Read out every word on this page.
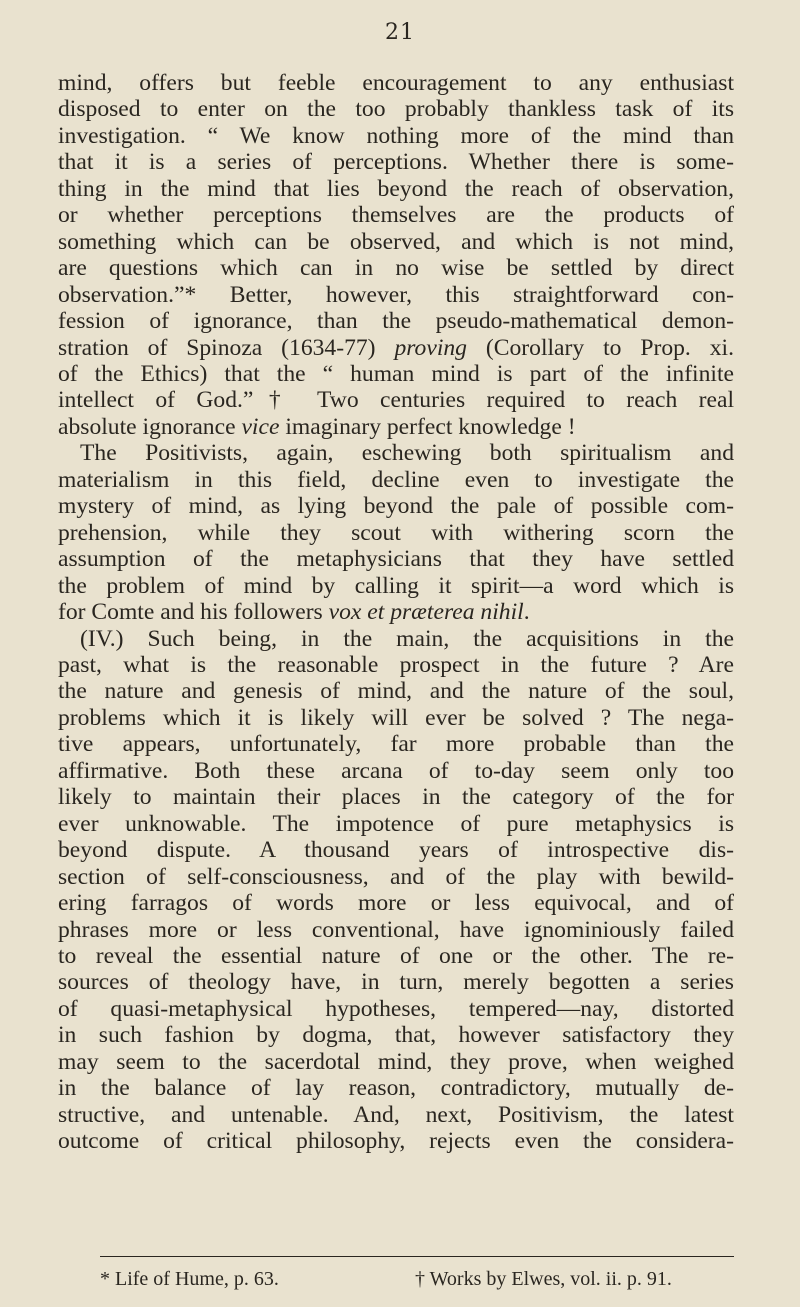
21
mind, offers but feeble encouragement to any enthusiast
disposed to enter on the too probably thankless task of its
investigation. “ We know nothing more of the mind than
that it is a series of perceptions. Whether there is some-
thing in the mind that lies beyond the reach of observation,
or whether perceptions themselves are the products of
something which can be observed, and which is not mind,
are questions which can in no wise be settled by direct
observation.”* Better, however, this straightforward con-
fession of ignorance, than the pseudo-mathematical demon-
stration of Spinoza (1634-77) proving (Corollary to Prop. xi.
of the Ethics) that the “ human mind is part of the infinite
intellect of God.”† Two centuries required to reach real
absolute ignorance vice imaginary perfect knowledge !
The Positivists, again, eschewing both spiritualism and
materialism in this field, decline even to investigate the
mystery of mind, as lying beyond the pale of possible com-
prehension, while they scout with withering scorn the
assumption of the metaphysicians that they have settled
the problem of mind by calling it spirit—a word which is
for Comte and his followers vox et præterea nihil.
(IV.) Such being, in the main, the acquisitions in the
past, what is the reasonable prospect in the future ? Are
the nature and genesis of mind, and the nature of the soul,
problems which it is likely will ever be solved ? The nega-
tive appears, unfortunately, far more probable than the
affirmative. Both these arcana of to-day seem only too
likely to maintain their places in the category of the for
ever unknowable. The impotence of pure metaphysics is
beyond dispute. A thousand years of introspective dis-
section of self-consciousness, and of the play with bewild-
ering farragos of words more or less equivocal, and of
phrases more or less conventional, have ignominiously failed
to reveal the essential nature of one or the other. The re-
sources of theology have, in turn, merely begotten a series
of quasi-metaphysical hypotheses, tempered—nay, distorted
in such fashion by dogma, that, however satisfactory they
may seem to the sacerdotal mind, they prove, when weighed
in the balance of lay reason, contradictory, mutually de-
structive, and untenable. And, next, Positivism, the latest
outcome of critical philosophy, rejects even the considera-
* Life of Hume, p. 63.	† Works by Elwes, vol. ii. p. 91.
